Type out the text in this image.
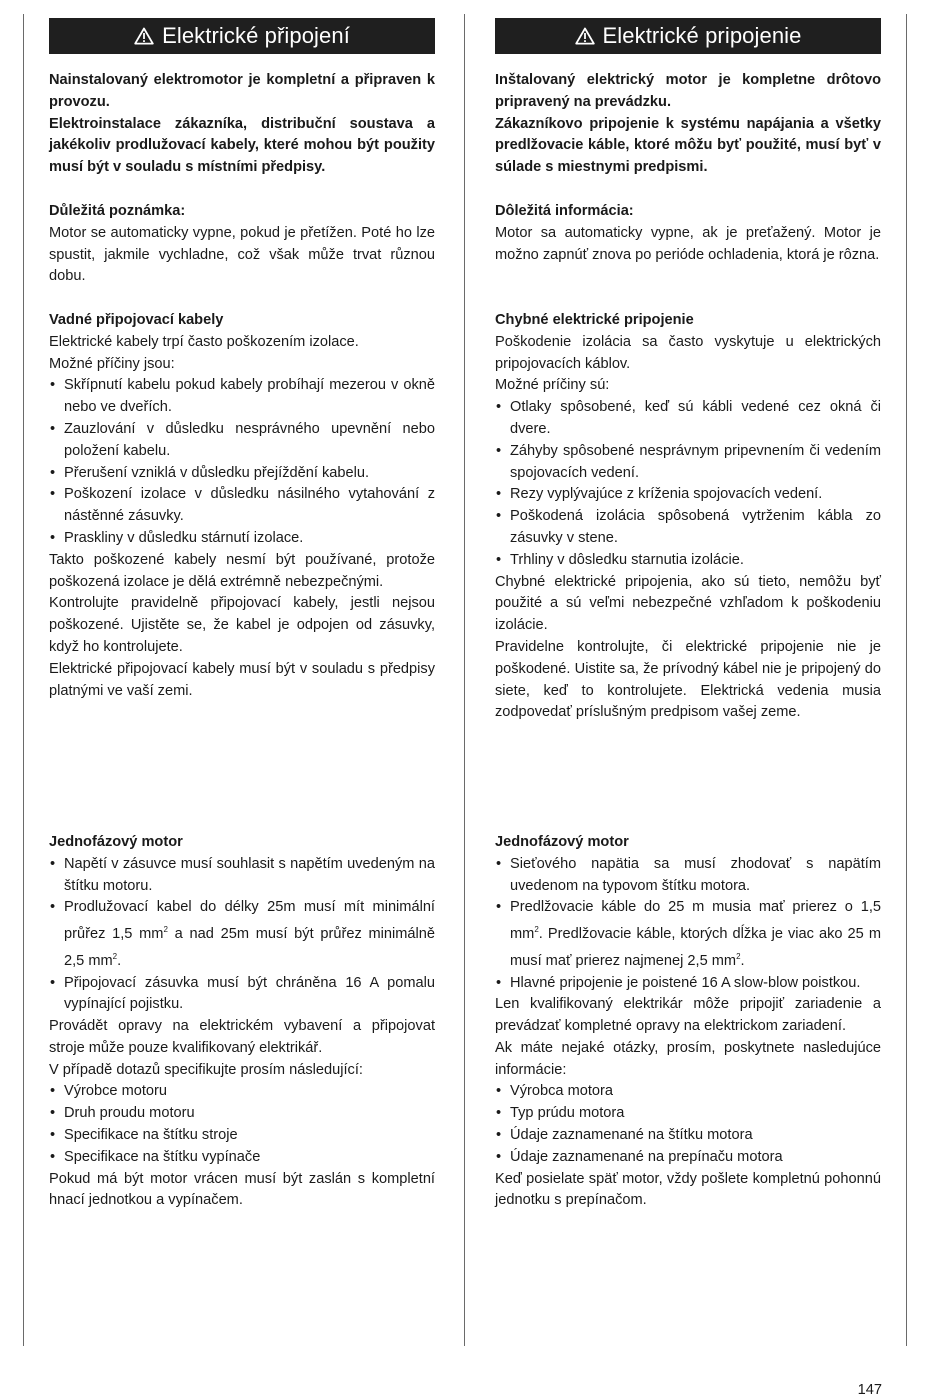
Elektrické připojení

Nainstalovaný elektromotor je kompletní a připraven k provozu.

Elektroinstalace zákazníka, distribuční soustava a jakékoliv prodlužovací kabely, které mohou být použity musí být v souladu s místními předpisy.

Důležitá poznámka:

Motor se automaticky vypne, pokud je přetížen. Poté ho lze spustit, jakmile vychladne, což však může trvat různou dobu.

Vadné připojovací kabely

Elektrické kabely trpí často poškozením izolace.

Možné příčiny jsou:

• Skřípnutí kabelu pokud kabely probíhají mezerou v okně nebo ve dveřích.
• Zauzlování v důsledku nesprávného upevnění nebo položení kabelu.
• Přerušení vzniklá v důsledku přejíždění kabelu.
• Poškození izolace v důsledku násilného vytahování z nástěnné zásuvky.
• Praskliny v důsledku stárnutí izolace.

Takto poškozené kabely nesmí být používané, protože poškozená izolace je dělá extrémně nebezpečnými.

Kontrolujte pravidelně připojovací kabely, jestli nejsou poškozené. Ujistěte se, že kabel je odpojen od zásuvky, když ho kontrolujete.

Elektrické připojovací kabely musí být v souladu s předpisy platnými ve vaší zemi.

Jednofázový motor

• Napětí v zásuvce musí souhlasit s napětím uvedeným na štítku motoru.
• Prodlužovací kabel do délky 25m musí mít minimální průřez 1,5 $mm^2$ a nad 25m musí být průřez minimálně 2,5 $mm^2$.
• Připojovací zásuvka musí být chráněna 16 A pomalu vypínající pojistku.

Provádět opravy na elektrickém vybavení a připojovat stroje může pouze kvalifikovaný elektrikář.

V případě dotazů specifikujte prosím následující:

• Výrobce motoru
• Druh proudu motoru
• Specifikace na štítku stroje
• Specifikace na štítku vypínače

Pokud má být motor vrácen musí být zaslán s kompletní hnací jednotkou a vypínačem.

Elektrické pripojenie

Inštalovaný elektrický motor je kompletne drôtovo pripravený na prevádzku.

Zákazníkovo pripojenie k systému napájania a všetky predlžovacie káble, ktoré môžu byť použité, musí byť v súlade s miestnymi predpismi.

Dôležitá informácia:

Motor sa automaticky vypne, ak je preťažený. Motor je možno zapnúť znova po perióde ochladenia, ktorá je rôzna.

Chybné elektrické pripojenie

Poškodenie izolácia sa často vyskytuje u elektrických pripojovacích káblov.

Možné príčiny sú:

• Otlaky spôsobené, keď sú kábli vedené cez okná či dvere.
• Záhyby spôsobené nesprávnym pripevnením či vedením spojovacích vedení.
• Rezy vyplývajúce z kríženia spojovacích vedení.
• Poškodená izolácia spôsobená vytrženim kábla zo zásuvky v stene.
• Trhliny v dôsledku starnutia izolácie.

Chybné elektrické pripojenia, ako sú tieto, nemôžu byť použité a sú veľmi nebezpečné vzhľadom k poškodeniu izolácie.

Pravidelne kontrolujte, či elektrické pripojenie nie je poškodené. Uistite sa, že prívodný kábel nie je pripojený do siete, keď to kontrolujete. Elektrická vedenia musia zodpovedať príslušným predpisom vašej zeme.

Jednofázový motor

• Sieťového napätia sa musí zhodovať s napätím uvedenom na typovom štítku motora.
• Predlžovacie káble do 25 m musia mať prierez o 1,5 $mm^2$. Predlžovacie káble, ktorých dĺžka je viac ako 25 m musí mať prierez najmenej 2,5 $mm^2$.
• Hlavné pripojenie je poistené 16 A slow-blow poistkou.

Len kvalifikovaný elektrikár môže pripojiť zariadenie a prevádzať kompletné opravy na elektrickom zariadení.

Ak máte nejaké otázky, prosím, poskytnete nasledujúce informácie:

• Výrobca motora
• Typ prúdu motora
• Údaje zaznamenané na štítku motora
• Údaje zaznamenané na prepínaču motora

Keď posielate späť motor, vždy pošlete kompletnú pohonnú jednotku s prepínačom.

147
